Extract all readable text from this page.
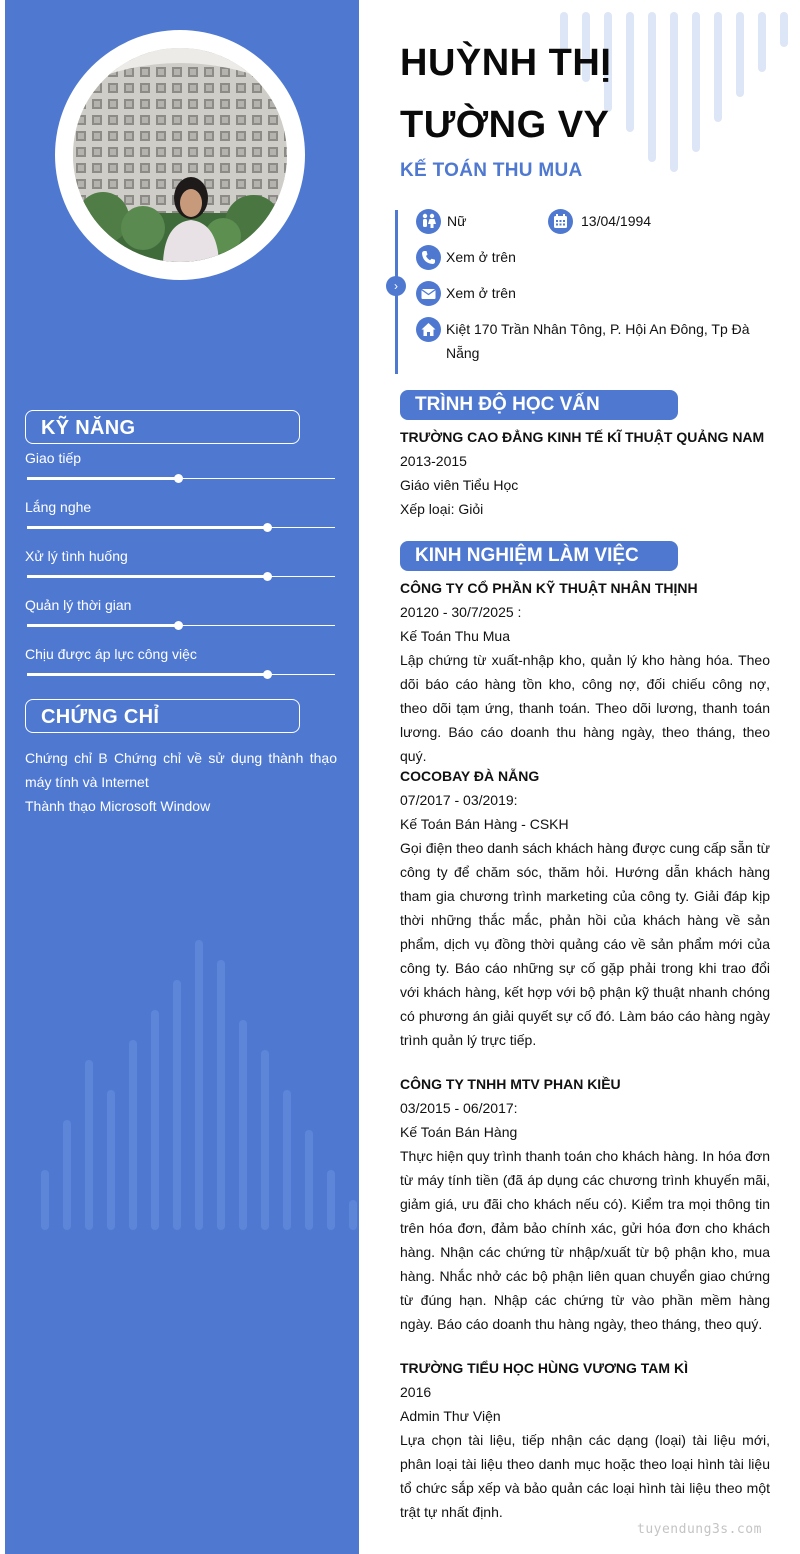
KỸ NĂNG
Giao tiếp
Lắng nghe
Xử lý tình huống
Quản lý thời gian
Chịu được áp lực công việc
CHỨNG CHỈ
Chứng chỉ B Chứng chỉ về sử dụng thành thạo máy tính và Internet
Thành thạo Microsoft Window
HUỲNH THỊ
TƯỜNG VY
KẾ TOÁN THU MUA
›
Nữ	13/04/1994
Xem ở trên
Xem ở trên
Kiệt 170 Trần Nhân Tông, P. Hội An Đông, Tp Đà Nẵng
TRÌNH ĐỘ HỌC VẤN
TRƯỜNG CAO ĐẲNG KINH TẾ KĨ THUẬT QUẢNG NAM
2013-2015
Giáo viên Tiểu Học
Xếp loại: Giỏi
KINH NGHIỆM LÀM VIỆC
CÔNG TY CỔ PHẦN KỸ THUẬT NHÂN THỊNH
20120 - 30/7/2025 :
Kế Toán Thu Mua
Lập chứng từ xuất-nhập kho, quản lý kho hàng hóa. Theo dõi báo cáo hàng tồn kho, công nợ, đối chiếu công nợ, theo dõi tạm ứng, thanh toán. Theo dõi lương, thanh toán lương. Báo cáo doanh thu hàng ngày, theo tháng, theo quý.
COCOBAY ĐÀ NẴNG
07/2017 - 03/2019:
Kế Toán Bán Hàng - CSKH
Gọi điện theo danh sách khách hàng được cung cấp sẵn từ công ty để chăm sóc, thăm hỏi. Hướng dẫn khách hàng tham gia chương trình marketing của công ty. Giải đáp kịp thời những thắc mắc, phản hồi của khách hàng về sản phẩm, dịch vụ đồng thời quảng cáo về sản phẩm mới của công ty. Báo cáo những sự cố gặp phải trong khi trao đổi với khách hàng, kết hợp với bộ phận kỹ thuật nhanh chóng có phương án giải quyết sự cố đó. Làm báo cáo hàng ngày trình quản lý trực tiếp.
CÔNG TY TNHH MTV PHAN KIỀU
03/2015 - 06/2017:
Kế Toán Bán Hàng
Thực hiện quy trình thanh toán cho khách hàng. In hóa đơn từ máy tính tiền (đã áp dụng các chương trình khuyến mãi, giảm giá, ưu đãi cho khách nếu có). Kiểm tra mọi thông tin trên hóa đơn, đảm bảo chính xác, gửi hóa đơn cho khách hàng. Nhận các chứng từ nhập/xuất từ bộ phận kho, mua hàng. Nhắc nhở các bộ phận liên quan chuyển giao chứng từ đúng hạn. Nhập các chứng từ vào phần mềm hàng ngày. Báo cáo doanh thu hàng ngày, theo tháng, theo quý.
TRƯỜNG TIỂU HỌC HÙNG VƯƠNG TAM KÌ
2016
Admin Thư Viện
Lựa chọn tài liệu, tiếp nhận các dạng (loại) tài liệu mới, phân loại tài liệu theo danh mục hoặc theo loại hình tài liệu tổ chức sắp xếp và bảo quản các loại hình tài liệu theo một trật tự nhất định.
tuyendung3s.com
